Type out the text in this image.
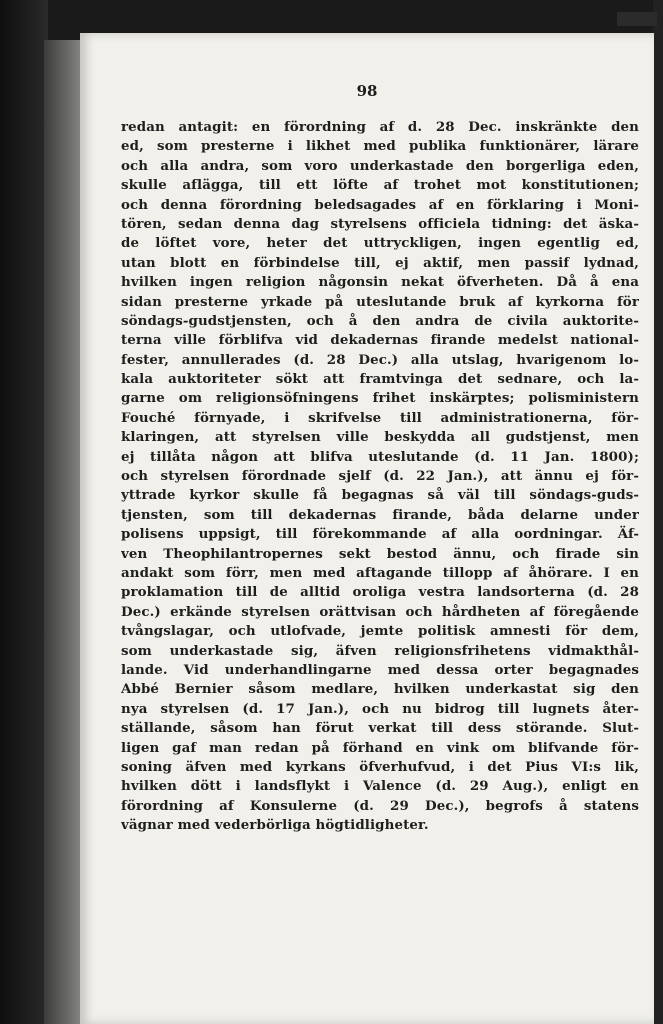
98
redan antagit: en förordning af d. 28 Dec. inskränkte den
ed, som presterne i likhet med publika funktionärer, lärare
och alla andra, som voro underkastade den borgerliga eden,
skulle aflägga, till ett löfte af trohet mot konstitutionen;
och denna förordning beledsagades af en förklaring i Moni-
tören, sedan denna dag styrelsens officiela tidning: det äska-
de löftet vore, heter det uttryckligen, ingen egentlig ed,
utan blott en förbindelse till, ej aktif, men passif lydnad,
hvilken ingen religion någonsin nekat öfverheten. Då å ena
sidan presterne yrkade på uteslutande bruk af kyrkorna för
söndags-gudstjensten, och å den andra de civila auktorite-
terna ville förblifva vid dekadernas firande medelst national-
fester, annullerades (d. 28 Dec.) alla utslag, hvarigenom lo-
kala auktoriteter sökt att framtvinga det sednare, och la-
garne om religionsöfningens frihet inskärptes; polisministern
Fouché förnyade, i skrifvelse till administrationerna, för-
klaringen, att styrelsen ville beskydda all gudstjenst, men
ej tillåta någon att blifva uteslutande (d. 11 Jan. 1800);
och styrelsen förordnade sjelf (d. 22 Jan.), att ännu ej för-
yttrade kyrkor skulle få begagnas så väl till söndags-guds-
tjensten, som till dekadernas firande, båda delarne under
polisens uppsigt, till förekommande af alla oordningar. Äf-
ven Theophilantropernes sekt bestod ännu, och firade sin
andakt som förr, men med aftagande tillopp af åhörare. I en
proklamation till de alltid oroliga vestra landsorterna (d. 28
Dec.) erkände styrelsen orättvisan och hårdheten af föregående
tvångslagar, och utlofvade, jemte politisk amnesti för dem,
som underkastade sig, äfven religionsfrihetens vidmakthål-
lande. Vid underhandlingarne med dessa orter begagnades
Abbé Bernier såsom medlare, hvilken underkastat sig den
nya styrelsen (d. 17 Jan.), och nu bidrog till lugnets åter-
ställande, såsom han förut verkat till dess störande. Slut-
ligen gaf man redan på förhand en vink om blifvande för-
soning äfven med kyrkans öfverhufvud, i det Pius VI:s lik,
hvilken dött i landsflykt i Valence (d. 29 Aug.), enligt en
förordning af Konsulerne (d. 29 Dec.), begrofs å statens
vägnar med vederbörliga högtidligheter.
